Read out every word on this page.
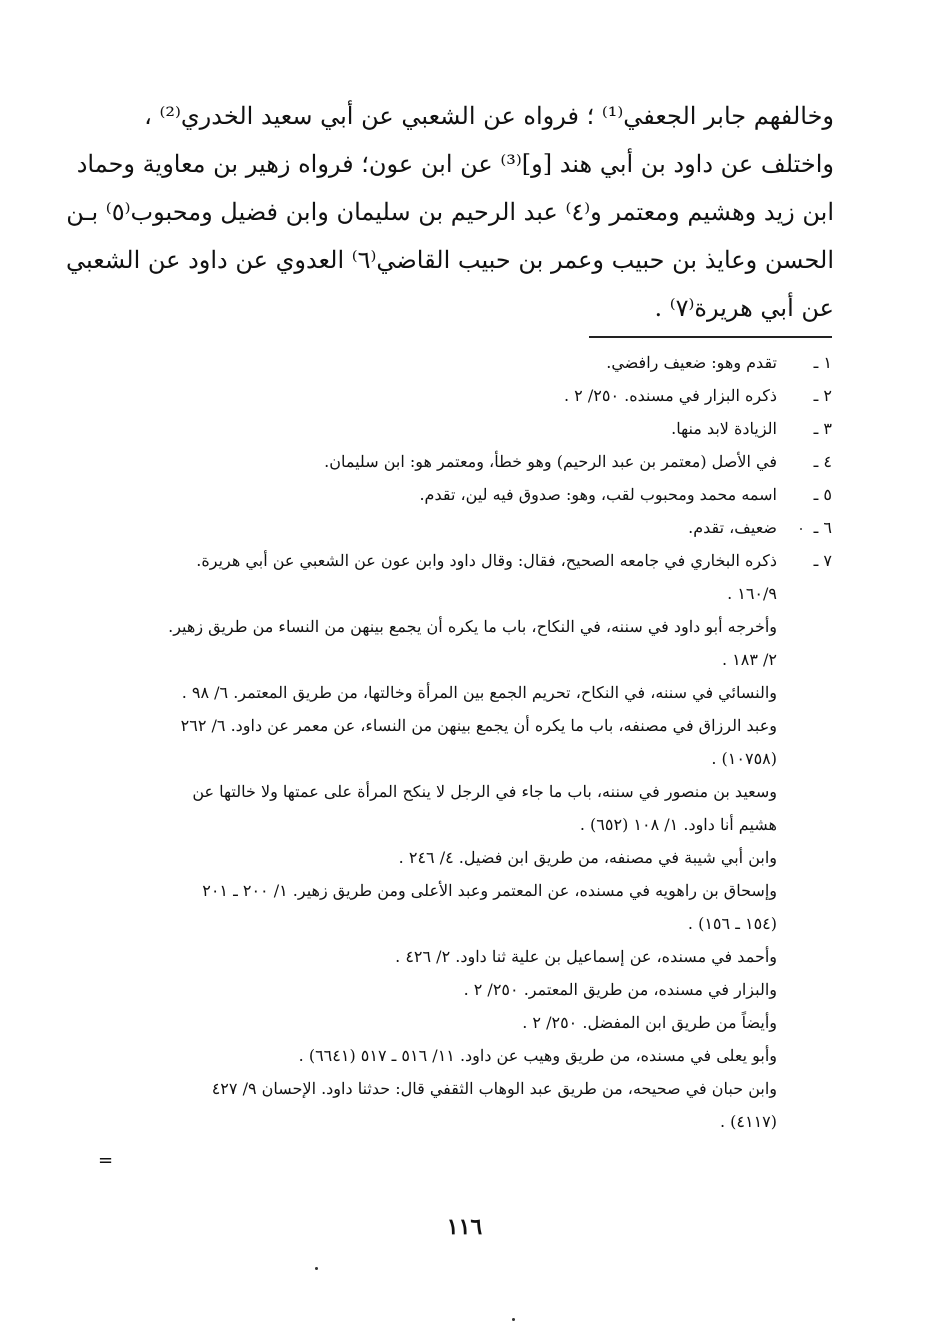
وخالفهم جابر الجعفي⁽¹⁾ ؛ فرواه عن الشعبي عن أبي سعيد الخدري⁽²⁾ ،
واختلف عن داود بن أبي هند [و]⁽³⁾ عن ابن عون؛ فرواه زهير بن معاوية وحماد
ابن زيد وهشيم ومعتمر و⁽٤⁾ عبد الرحيم بن سليمان وابن فضيل ومحبوب⁽٥⁾ بـن
الحسن وعايذ بن حبيب وعمر بن حبيب القاضي⁽٦⁾ العدوي عن داود عن الشعبي
عن أبي هريرة⁽٧⁾ .
١ ـ
تقدم وهو: ضعيف رافضي.
٢ ـ
ذكره البزار في مسنده. ٢٥٠/ ٢ .
٣ ـ
الزيادة لابد منها.
٤ ـ
في الأصل (معتمر بن عبد الرحيم) وهو خطأ، ومعتمر هو: ابن سليمان.
٥ ـ
اسمه محمد ومحبوب لقب، وهو: صدوق فيه لين، تقدم.
٦ ـ
ضعيف، تقدم.
٧ ـ
ذكره البخاري في جامعه الصحيح، فقال: وقال داود وابن عون عن الشعبي عن أبي هريرة.
١٦٠/٩ .
وأخرجه أبو داود في سننه، في النكاح، باب ما يكره أن يجمع بينهن من النساء من طريق زهير.
٢/ ١٨٣ .
والنسائي في سننه، في النكاح، تحريم الجمع بين المرأة وخالتها، من طريق المعتمر. ٦/ ٩٨ .
وعبد الرزاق في مصنفه، باب ما يكره أن يجمع بينهن من النساء، عن معمر عن داود. ٦/ ٢٦٢
(١٠٧٥٨) .
وسعيد بن منصور في سننه، باب ما جاء في الرجل لا ينكح المرأة على عمتها ولا خالتها عن
هشيم أنا داود. ١/ ١٠٨ (٦٥٢) .
وابن أبي شيبة في مصنفه، من طريق ابن فضيل. ٤/ ٢٤٦ .
وإسحاق بن راهويه في مسنده، عن المعتمر وعبد الأعلى ومن طريق زهير. ١/ ٢٠٠ ـ ٢٠١
(١٥٤ ـ ١٥٦) .
وأحمد في مسنده، عن إسماعيل بن علية ثنا داود. ٢/ ٤٢٦ .
والبزار في مسنده، من طريق المعتمر. ٢٥٠/ ٢ .
وأيضاً من طريق ابن المفضل. ٢٥٠/ ٢ .
وأبو يعلى في مسنده، من طريق وهيب عن داود. ١١/ ٥١٦ ـ ٥١٧ (٦٦٤١) .
وابن حبان في صحيحه، من طريق عبد الوهاب الثقفي قال: حدثنا داود. الإحسان ٩/ ٤٢٧
(٤١١٧) .
=
١١٦
